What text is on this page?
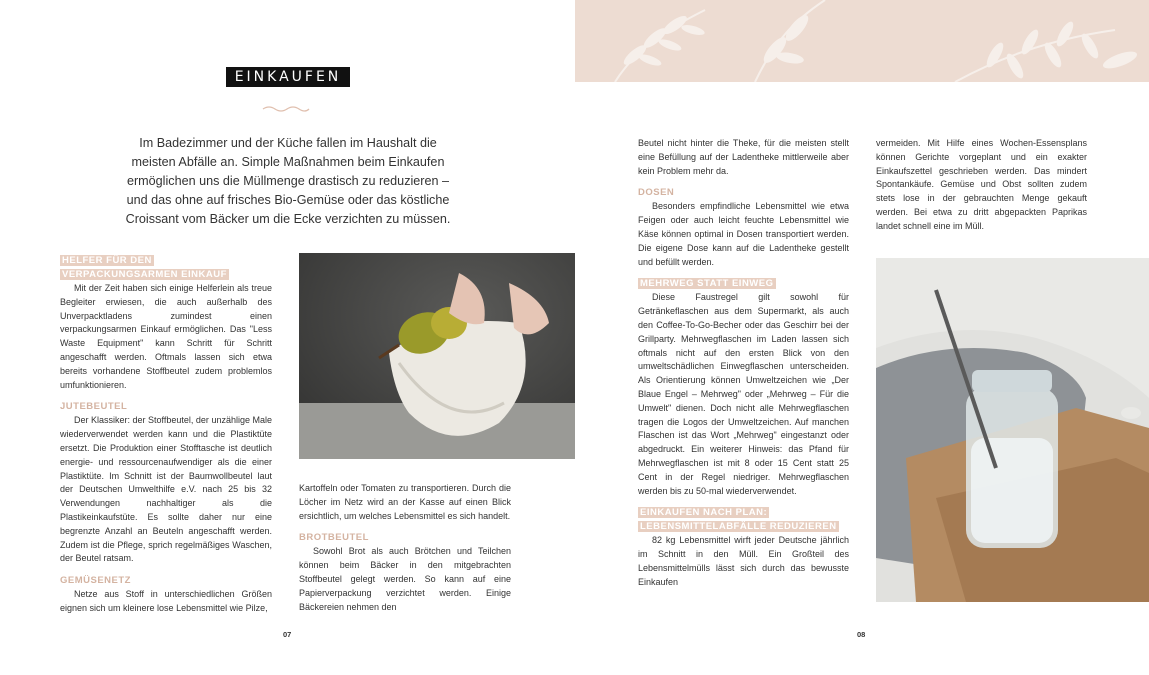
EINKAUFEN
Im Badezimmer und der Küche fallen im Haushalt die meisten Abfälle an. Simple Maßnahmen beim Einkaufen ermöglichen uns die Müllmenge drastisch zu reduzieren – und das ohne auf frisches Bio-Gemüse oder das köstliche Croissant vom Bäcker um die Ecke verzichten zu müssen.
HELFER FÜR DEN
VERPACKUNGSARMEN EINKAUF

Mit der Zeit haben sich einige Helferlein als treue Begleiter erwiesen, die auch außerhalb des Unverpacktladens zumindest einen verpackungsarmen Einkauf ermöglichen. Das "Less Waste Equipment" kann Schritt für Schritt angeschafft werden. Oftmals lassen sich etwa bereits vorhandene Stoffbeutel zudem problemlos umfunktionieren.

JUTEBEUTEL

Der Klassiker: der Stoffbeutel, der unzählige Male wiederverwendet werden kann und die Plastiktüte ersetzt. Die Produktion einer Stofftasche ist deutlich energie- und ressourcenaufwendiger als die einer Plastiktüte. Im Schnitt ist der Baumwollbeutel laut der Deutschen Umwelthilfe e.V. nach 25 bis 32 Verwendungen nachhaltiger als die Plastikeinkaufstüte. Es sollte daher nur eine begrenzte Anzahl an Beuteln angeschafft werden. Zudem ist die Pflege, sprich regelmäßiges Waschen, der Beutel ratsam.

GEMÜSENETZ

Netze aus Stoff in unterschiedlichen Größen eignen sich um kleinere lose Lebensmittel wie Pilze,

Kartoffeln oder Tomaten zu transportieren. Durch die Löcher im Netz wird an der Kasse auf einen Blick ersichtlich, um welches Lebensmittel es sich handelt.

BROTBEUTEL

Sowohl Brot als auch Brötchen und Teilchen können beim Bäcker in den mitgebrachten Stoffbeutel gelegt werden. So kann auf eine Papierverpackung verzichtet werden. Einige Bäckereien nehmen den

Beutel nicht hinter die Theke, für die meisten stellt eine Befüllung auf der Ladentheke mittlerweile aber kein Problem mehr da.

DOSEN

Besonders empfindliche Lebensmittel wie etwa Feigen oder auch leicht feuchte Lebensmittel wie Käse können optimal in Dosen transportiert werden. Die eigene Dose kann auf die Ladentheke gestellt und befüllt werden.

MEHRWEG STATT EINWEG

Diese Faustregel gilt sowohl für Getränkeflaschen aus dem Supermarkt, als auch den Coffee-To-Go-Becher oder das Geschirr bei der Grillparty. Mehrwegflaschen im Laden lassen sich oftmals nicht auf den ersten Blick von den umweltschädlichen Einwegflaschen unterscheiden. Als Orientierung können Umweltzeichen wie „Der Blaue Engel – Mehrweg" oder „Mehrweg – Für die Umwelt" dienen. Doch nicht alle Mehrwegflaschen tragen die Logos der Umweltzeichen. Auf manchen Flaschen ist das Wort „Mehrweg" eingestanzt oder abgedruckt. Ein weiterer Hinweis: das Pfand für Mehrwegflaschen ist mit 8 oder 15 Cent statt 25 Cent in der Regel niedriger. Mehrwegflaschen werden bis zu 50-mal wiederverwendet.

EINKAUFEN NACH PLAN:
LEBENSMITTELABFÄLLE REDUZIEREN

82 kg Lebensmittel wirft jeder Deutsche jährlich im Schnitt in den Müll. Ein Großteil des Lebensmittelmülls lässt sich durch das bewusste Einkaufen

vermeiden. Mit Hilfe eines Wochen-Essensplans können Gerichte vorgeplant und ein exakter Einkaufszettel geschrieben werden. Das mindert Spontankäufe. Gemüse und Obst sollten zudem stets lose in der gebrauchten Menge gekauft werden. Bei etwa zu dritt abgepackten Paprikas landet schnell eine im Müll.

07	08
